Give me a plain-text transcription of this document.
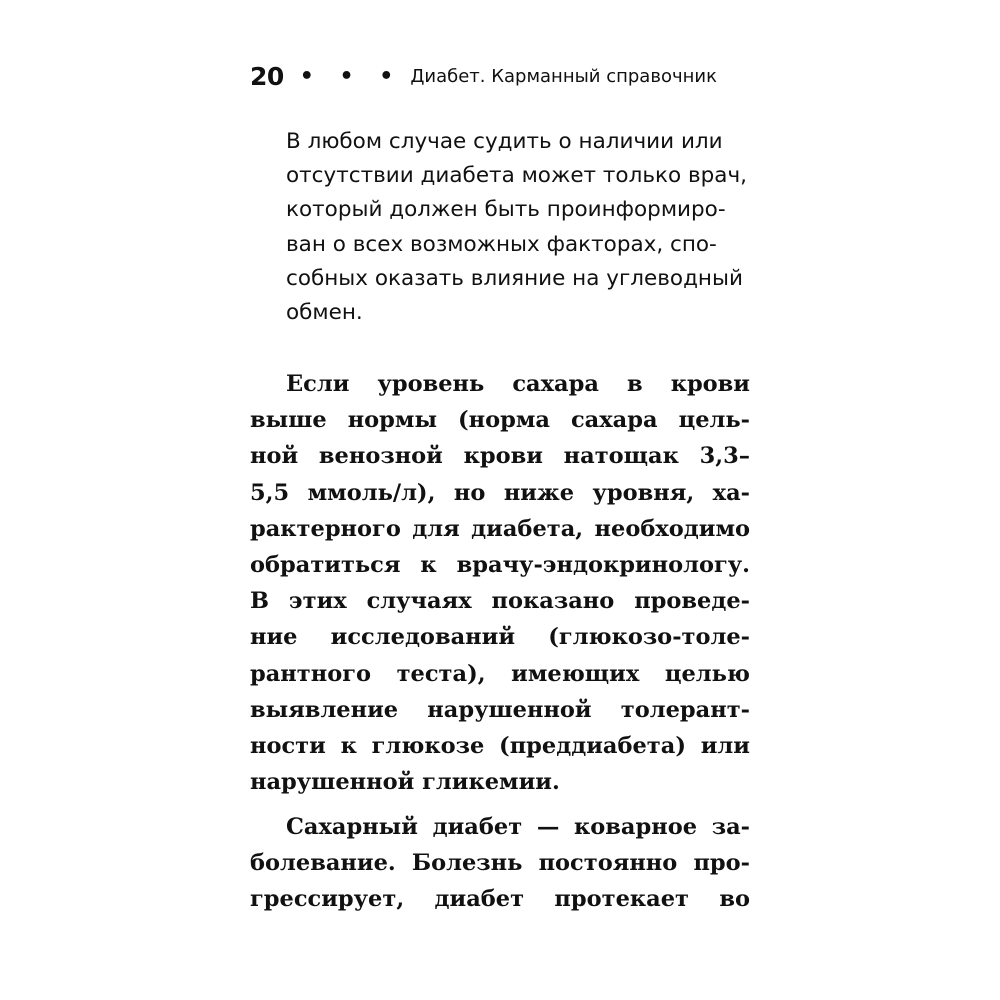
20 • • • Диабет. Карманный справочник
В любом случае судить о наличии или
отсутствии диабета может только врач,
который должен быть проинформиро-
ван о всех возможных факторах, спо-
собных оказать влияние на углеводный
обмен.
Если уровень сахара в крови
выше нормы (норма сахара цель-
ной венозной крови натощак 3,3–
5,5 ммоль/л), но ниже уровня, ха-
рактерного для диабета, необходимо
обратиться к врачу-эндокринологу.
В этих случаях показано проведе-
ние исследований (глюкозо-толе-
рантного теста), имеющих целью
выявление нарушенной толерант-
ности к глюкозе (преддиабета) или
нарушенной гликемии.
Сахарный диабет — коварное за-
болевание. Болезнь постоянно про-
грессирует, диабет протекает во
